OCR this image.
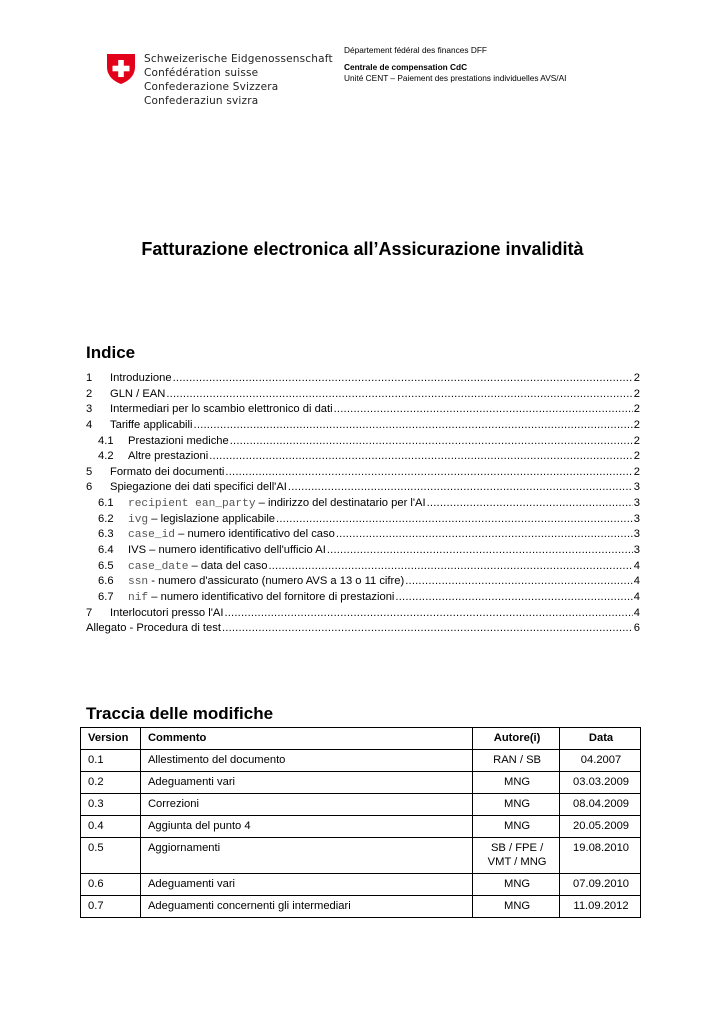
Schweizerische Eidgenossenschaft
Confédération suisse
Confederazione Svizzera
Confederaziun svizra
Département fédéral des finances DFF
Centrale de compensation CdC
Unité CENT – Paiement des prestations individuelles AVS/AI
Fatturazione electronica all’Assicurazione invalidità
Indice
1	Introduzione .....	2
2	GLN / EAN .....	2
3	Intermediari per lo scambio elettronico di dati .....	2
4	Tariffe applicabili .....	2
4.1	Prestazioni mediche .....	2
4.2	Altre prestazioni .....	2
5	Formato dei documenti .....	2
6	Spiegazione dei dati specifici dell'AI .....	3
6.1	recipient ean_party – indirizzo del destinatario per l'AI .....	3
6.2	ivg – legislazione applicabile .....	3
6.3	case_id – numero identificativo del caso .....	3
6.4	IVS – numero identificativo dell'ufficio AI .....	3
6.5	case_date – data del caso .....	4
6.6	ssn - numero d'assicurato (numero AVS a 13 o 11 cifre) .....	4
6.7	nif – numero identificativo del fornitore di prestazioni .....	4
7	Interlocutori presso l'AI .....	4
Allegato - Procedura di test .....	6
Traccia delle modifiche
Version	Commento	Autore(i)	Data
0.1	Allestimento del documento	RAN / SB	04.2007
0.2	Adeguamenti vari	MNG	03.03.2009
0.3	Correzioni	MNG	08.04.2009
0.4	Aggiunta del punto 4	MNG	20.05.2009
0.5	Aggiornamenti	SB / FPE / VMT / MNG	19.08.2010
0.6	Adeguamenti vari	MNG	07.09.2010
0.7	Adeguamenti concernenti gli intermediari	MNG	11.09.2012
